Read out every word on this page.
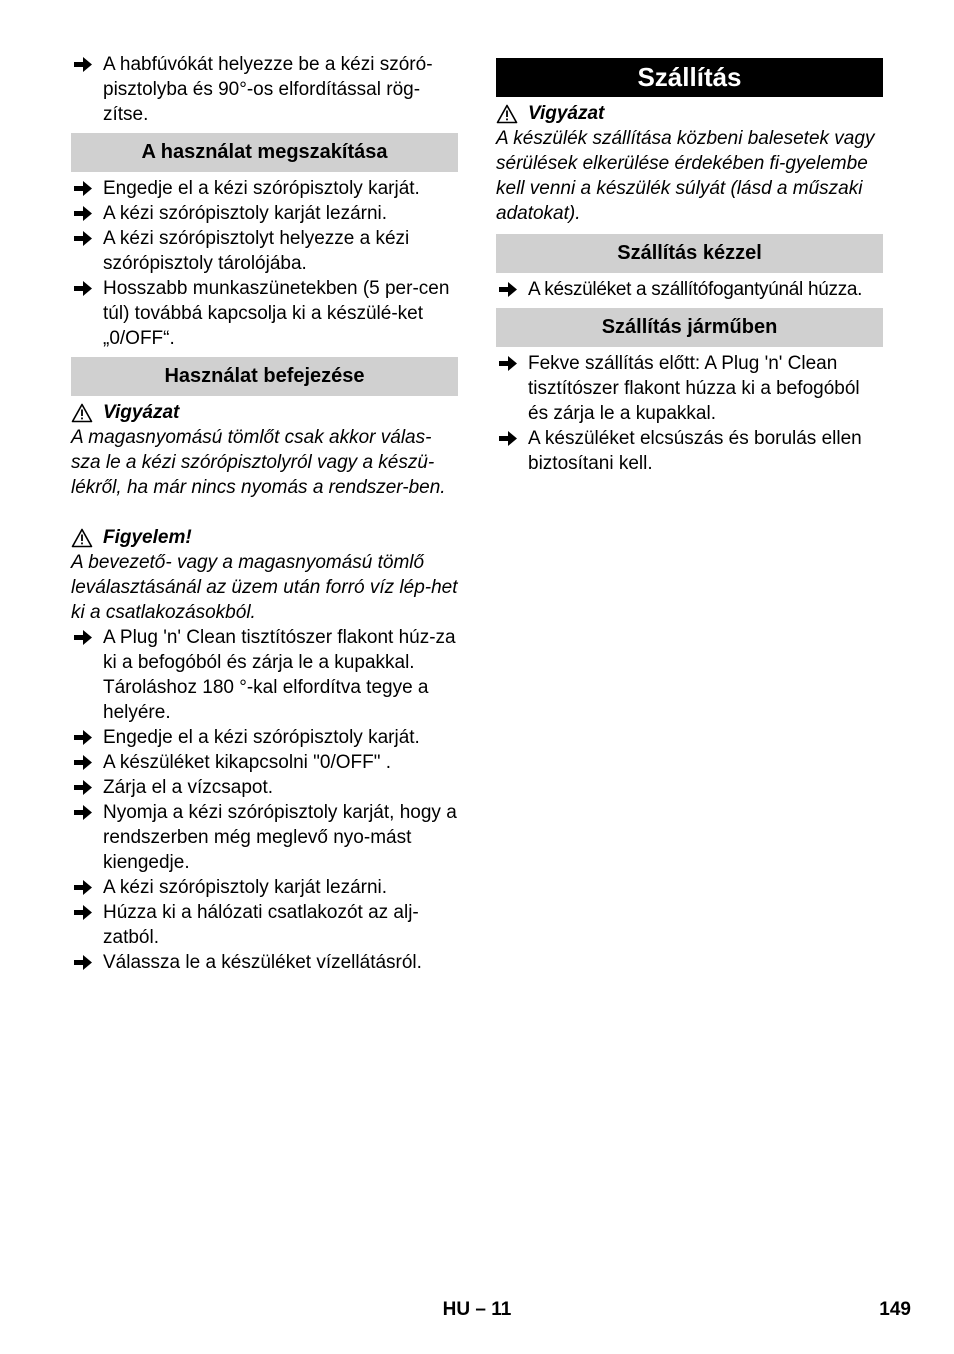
A habfúvókát helyezze be a kézi szóró-pisztolyba és 90°-os elfordítással rög-zítse.
A használat megszakítása
Engedje el a kézi szórópisztoly karját.
A kézi szórópisztoly karját lezárni.
A kézi szórópisztolyt helyezze a kézi szórópisztoly tárolójába.
Hosszabb munkaszünetekben (5 per-cen túl) továbbá kapcsolja ki a készülé-ket „0/OFF“.
Használat befejezése
Vigyázat
A magasnyomású tömlőt csak akkor válas-sza le a kézi szórópisztolyról vagy a készü-lékről, ha már nincs nyomás a rendszer-ben.
Figyelem!
A bevezető- vagy a magasnyomású tömlő leválasztásánál az üzem után forró víz lép-het ki a csatlakozásokból.
A Plug 'n' Clean tisztítószer flakont húz-za ki a befogóból és zárja le a kupakkal. Tároláshoz 180 °-kal elfordítva tegye a helyére.
Engedje el a kézi szórópisztoly karját.
A készüléket kikapcsolni "0/OFF" .
Zárja el a vízcsapot.
Nyomja a kézi szórópisztoly karját, hogy a rendszerben még meglevő nyo-mást kiengedje.
A kézi szórópisztoly karját lezárni.
Húzza ki a hálózati csatlakozót az alj-zatból.
Válassza le a készüléket vízellátásról.
Szállítás
Vigyázat
A készülék szállítása közbeni balesetek vagy sérülések elkerülése érdekében fi-gyelembe kell venni a készülék súlyát (lásd a műszaki adatokat).
Szállítás kézzel
A készüléket a szállítófogantyúnál húzza.
Szállítás járműben
Fekve szállítás előtt: A Plug 'n' Clean tisztítószer flakont húzza ki a befogóból és zárja le a kupakkal.
A készüléket elcsúszás és borulás ellen biztosítani kell.
HU – 11	149
